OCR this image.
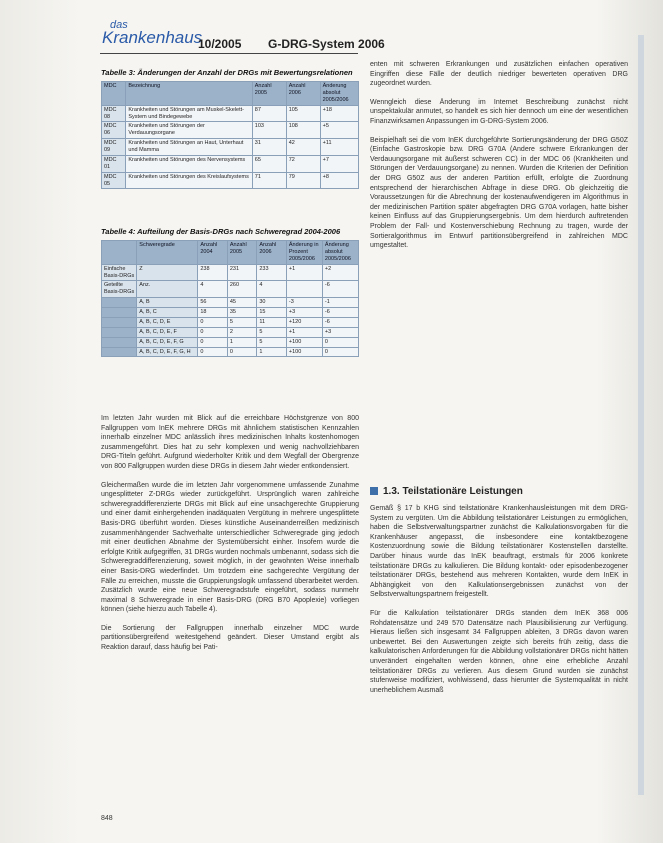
das
Krankenhaus
10/2005 G-DRG-System 2006
Tabelle 3: Änderungen der Anzahl der DRGs mit Bewertungsrelationen
MDC	Bezeichnung	Anzahl 2005	Anzahl 2006	Änderung absolut 2005/2006
MDC 08	Krankheiten und Störungen am Muskel-Skelett-System und Bindegewebe	87	105	+18
MDC 06	Krankheiten und Störungen der Verdauungsorgane	103	108	+5
MDC 09	Krankheiten und Störungen an Haut, Unterhaut und Mamma	31	42	+11
MDC 01	Krankheiten und Störungen des Nervensystems	65	72	+7
MDC 05	Krankheiten und Störungen des Kreislaufsystems	71	79	+8
Tabelle 4: Aufteilung der Basis-DRGs nach Schweregrad 2004-2006
	Schweregrade	Anzahl 2004	Anzahl 2005	Anzahl 2006	Änderung in Prozent 2005/2006	Änderung absolut 2005/2006
Einfache Basis-DRGs	Z	238	231	233	+1	+2
Geteilte Basis-DRGs	Anz.	4	260	4		-6
	A, B	56	45	30	-3	-1
	A, B, C	18	35	15	+3	-6
	A, B, C, D, E	0	5	11	+120	-6
	A, B, C, D, E, F	0	2	5	+1	+3
	A, B, C, D, E, F, G	0	1	5	+100	0
	A, B, C, D, E, F, G, H	0	0	1	+100	0

Im letzten Jahr wurden mit Blick auf die erreichbare Höchstgrenze von 800 Fallgruppen vom InEK mehrere DRGs mit ähnlichem statistischen Kennzahlen innerhalb einzelner MDC anlässlich ihres medizinischen Inhalts kostenhomogen zusammengeführt. Dies hat zu sehr komplexen und wenig nachvollziehbaren DRG-Titeln geführt. Aufgrund wiederholter Kritik und dem Wegfall der Obergrenze von 800 Fallgruppen wurden diese DRGs in diesem Jahr wieder entkondensiert.

Gleichermaßen wurde die im letzten Jahr vorgenommene umfassende Zunahme ungesplitteter Z-DRGs wieder zurückgeführt. Ursprünglich waren zahlreiche schweregraddifferenzierte DRGs mit Blick auf eine unsachgerechte Gruppierung und einer damit einhergehenden inadäquaten Vergütung in mehrere ungesplittete Basis-DRG überführt worden. Dieses künstliche Auseinanderreißen medizinisch zusammenhängender Sachverhalte unterschiedlicher Schweregrade ging jedoch mit einer deutlichen Abnahme der Systemübersicht einher. Insofern wurde die erfolgte Kritik aufgegriffen, 31 DRGs wurden nochmals umbenannt, sodass sich die Schweregraddifferenzierung, soweit möglich, in der gewohnten Weise innerhalb einer Basis-DRG wiederfindet. Um trotzdem eine sachgerechte Vergütung der Fälle zu erreichen, musste die Gruppierungslogik umfassend überarbeitet werden. Zusätzlich wurde eine neue Schweregradstufe eingeführt, sodass nunmehr maximal 8 Schweregrade in einer Basis-DRG (DRG B70 Apoplexie) vorliegen können (siehe hierzu auch Tabelle 4).

Die Sortierung der Fallgruppen innerhalb einzelner MDC wurde partitionsübergreifend weitestgehend geändert. Dieser Umstand ergibt als Reaktion darauf, dass häufig bei Pati-

enten mit schweren Erkrankungen und zusätzlichen einfachen operativen Eingriffen diese Fälle der deutlich niedriger bewerteten operativen DRG zugeordnet wurden.

Wenngleich diese Änderung im Internet Beschreibung zunächst nicht unspektakulär anmutet, so handelt es sich hier dennoch um eine der wesentlichen Finanzwirksamen Anpassungen im G-DRG-System 2006.

Beispielhaft sei die vom InEK durchgeführte Sortierungsänderung der DRG G50Z (Einfache Gastroskopie bzw. DRG G70A (Andere schwere Erkrankungen der Verdauungsorgane mit äußerst schweren CC) in der MDC 06 (Krankheiten und Störungen der Verdauungsorgane) zu nennen. Wurden die Kriterien der Definition der DRG G50Z aus der anderen Partition erfüllt, erfolgte die Zuordnung entsprechend der hierarchischen Abfrage in diese DRG. Ob gleichzeitig die Voraussetzungen für die Abrechnung der kostenaufwendigeren im Algorithmus in der medizinischen Partition später abgefragten DRG G70A vorlagen, hatte bisher keinen Einfluss auf das Gruppierungsergebnis. Um dem hierdurch auftretenden Problem der Fall- und Kostenverschiebung Rechnung zu tragen, wurde der Sortieralgorithmus im Entwurf partitionsübergreifend in zahlreichen MDC umgestaltet.

1.3. Teilstationäre Leistungen

Gemäß § 17 b KHG sind teilstationäre Krankenhausleistungen mit dem DRG-System zu vergüten. Um die Abbildung teilstationärer Leistungen zu ermöglichen, haben die Selbstverwaltungspartner zunächst die Kalkulationsvorgaben für die Krankenhäuser angepasst, die insbesondere eine kontaktbezogene Kostenzuordnung sowie die Bildung teilstationärer Kostenstellen darstellte. Darüber hinaus wurde das InEK beauftragt, erstmals für 2006 konkrete teilstationäre DRGs zu kalkulieren. Die Bildung kontakt- oder episodenbezogener teilstationärer DRGs, bestehend aus mehreren Kontakten, wurde dem InEK in Abhängigkeit von den Kalkulationsergebnissen zunächst von der Selbstverwaltungspartnern freigestellt.

Für die Kalkulation teilstationärer DRGs standen dem InEK 368 006 Rohdatensätze und 249 570 Datensätze nach Plausibilisierung zur Verfügung. Hieraus ließen sich insgesamt 34 Fallgruppen ableiten, 3 DRGs davon waren unbewertet. Bei den Auswertungen zeigte sich bereits früh zeitig, dass die kalkulatorischen Anforderungen für die Abbildung vollstationärer DRGs nicht hätten unverändert eingehalten werden können, ohne eine erhebliche Anzahl teilstationärer DRGs zu verlieren. Aus diesem Grund wurden sie zunächst stufenweise modifiziert, wohlwissend, dass hierunter die Systemqualität in nicht unerheblichem Ausmaß

848
